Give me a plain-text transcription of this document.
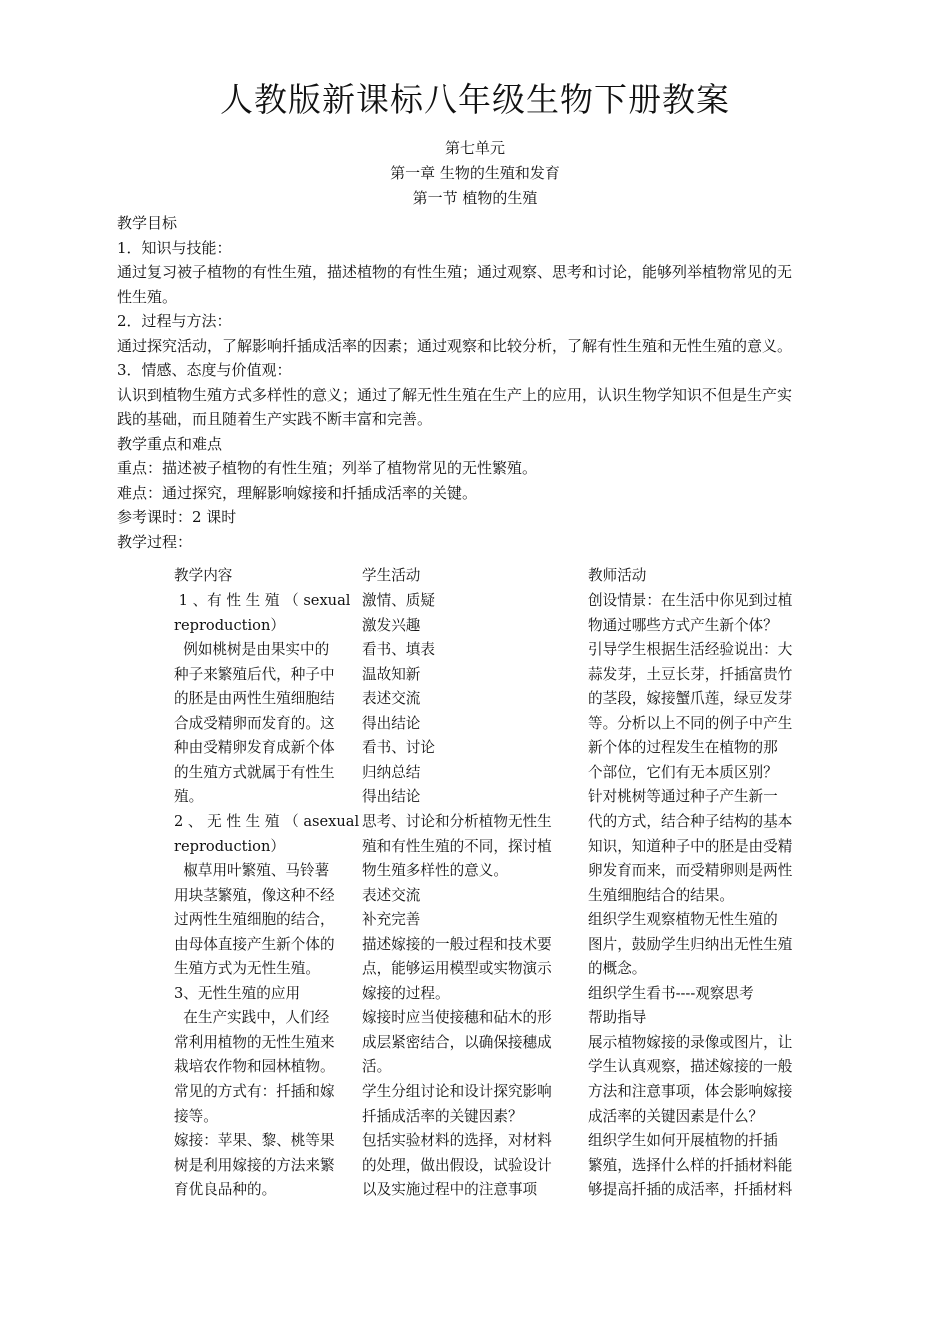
人教版新课标八年级生物下册教案
第七单元
第一章 生物的生殖和发育
第一节 植物的生殖
教学目标
1．知识与技能：
通过复习被子植物的有性生殖，描述植物的有性生殖；通过观察、思考和讨论，能够列举植物常见的无
性生殖。
2．过程与方法：
通过探究活动，了解影响扦插成活率的因素；通过观察和比较分析，了解有性生殖和无性生殖的意义。
3．情感、态度与价值观：
认识到植物生殖方式多样性的意义；通过了解无性生殖在生产上的应用，认识生物学知识不但是生产实
践的基础，而且随着生产实践不断丰富和完善。
教学重点和难点
重点：描述被子植物的有性生殖；列举了植物常见的无性繁殖。
难点：通过探究，理解影响嫁接和扦插成活率的关键。
参考课时：2 课时
教学过程：
教学内容	学生活动	教师活动
1 、有 性 生 殖 （ sexual
reproduction）
例如桃树是由果实中的
种子来繁殖后代，种子中
的胚是由两性生殖细胞结
合成受精卵而发育的。这
种由受精卵发育成新个体
的生殖方式就属于有性生
殖。
2 、 无 性 生 殖 （ asexual
reproduction）
椒草用叶繁殖、马铃薯
用块茎繁殖，像这种不经
过两性生殖细胞的结合，
由母体直接产生新个体的
生殖方式为无性生殖。
3、无性生殖的应用
在生产实践中，人们经
常利用植物的无性生殖来
栽培农作物和园林植物。
常见的方式有：扦插和嫁
接等。
嫁接：苹果、黎、桃等果
树是利用嫁接的方法来繁
育优良品种的。
激情、质疑
激发兴趣
看书、填表
温故知新
表述交流
得出结论
看书、讨论
归纳总结
得出结论
思考、讨论和分析植物无性生
殖和有性生殖的不同，探讨植
物生殖多样性的意义。
表述交流
补充完善
描述嫁接的一般过程和技术要
点，能够运用模型或实物演示
嫁接的过程。
嫁接时应当使接穗和砧木的形
成层紧密结合，以确保接穗成
活。
学生分组讨论和设计探究影响
扦插成活率的关键因素？
包括实验材料的选择，对材料
的处理，做出假设，试验设计
以及实施过程中的注意事项
创设情景：在生活中你见到过植
物通过哪些方式产生新个体？
引导学生根据生活经验说出：大
蒜发芽，土豆长芽，扦插富贵竹
的茎段，嫁接蟹爪莲，绿豆发芽
等。分析以上不同的例子中产生
新个体的过程发生在植物的那
个部位，它们有无本质区别？
针对桃树等通过种子产生新一
代的方式，结合种子结构的基本
知识，知道种子中的胚是由受精
卵发育而来，而受精卵则是两性
生殖细胞结合的结果。
组织学生观察植物无性生殖的
图片，鼓励学生归纳出无性生殖
的概念。
组织学生看书----观察思考
帮助指导
展示植物嫁接的录像或图片，让
学生认真观察，描述嫁接的一般
方法和注意事项，体会影响嫁接
成活率的关键因素是什么？
组织学生如何开展植物的扦插
繁殖，选择什么样的扦插材料能
够提高扦插的成活率，扦插材料
